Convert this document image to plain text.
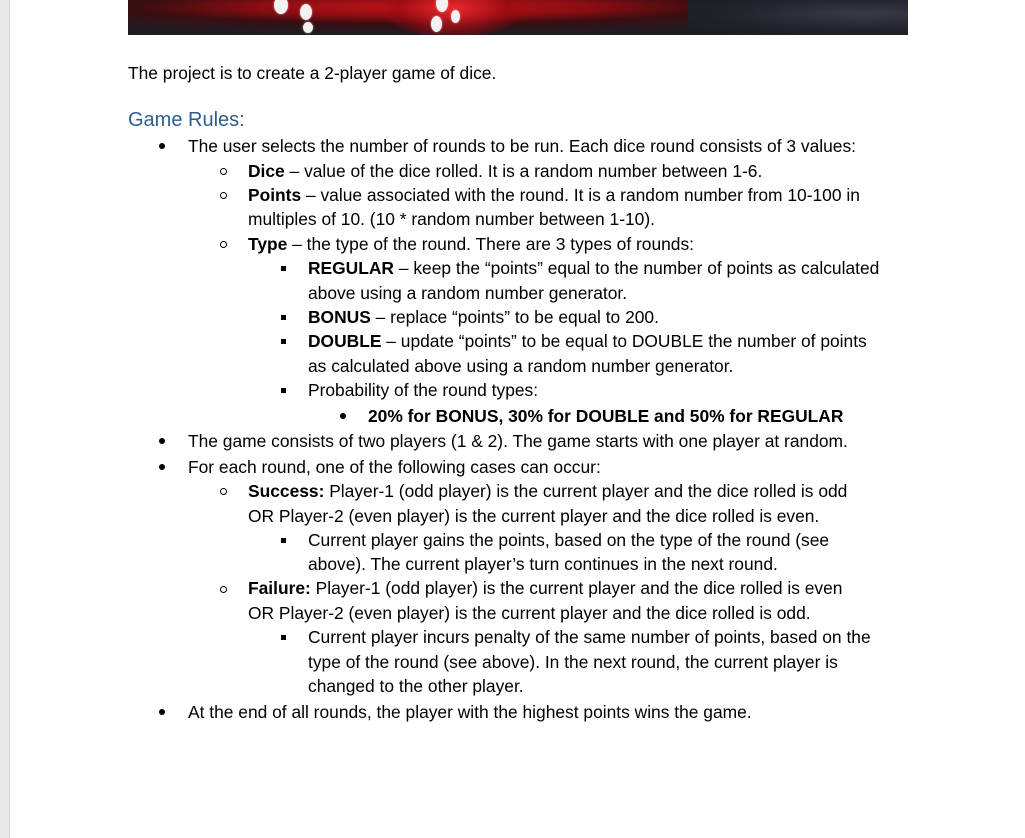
The project is to create a 2-player game of dice.
Game Rules:
The user selects the number of rounds to be run. Each dice round consists of 3 values:
Dice – value of the dice rolled. It is a random number between 1-6.
Points – value associated with the round. It is a random number from 10-100 in
multiples of 10. (10 * random number between 1-10).
Type – the type of the round. There are 3 types of rounds:
REGULAR – keep the “points” equal to the number of points as calculated
above using a random number generator.
BONUS – replace “points” to be equal to 200.
DOUBLE – update “points” to be equal to DOUBLE the number of points
as calculated above using a random number generator.
Probability of the round types:
20% for BONUS, 30% for DOUBLE and 50% for REGULAR
The game consists of two players (1 & 2). The game starts with one player at random.
For each round, one of the following cases can occur:
Success: Player-1 (odd player) is the current player and the dice rolled is odd
OR Player-2 (even player) is the current player and the dice rolled is even.
Current player gains the points, based on the type of the round (see
above). The current player’s turn continues in the next round.
Failure: Player-1 (odd player) is the current player and the dice rolled is even
OR Player-2 (even player) is the current player and the dice rolled is odd.
Current player incurs penalty of the same number of points, based on the
type of the round (see above). In the next round, the current player is
changed to the other player.
At the end of all rounds, the player with the highest points wins the game.
